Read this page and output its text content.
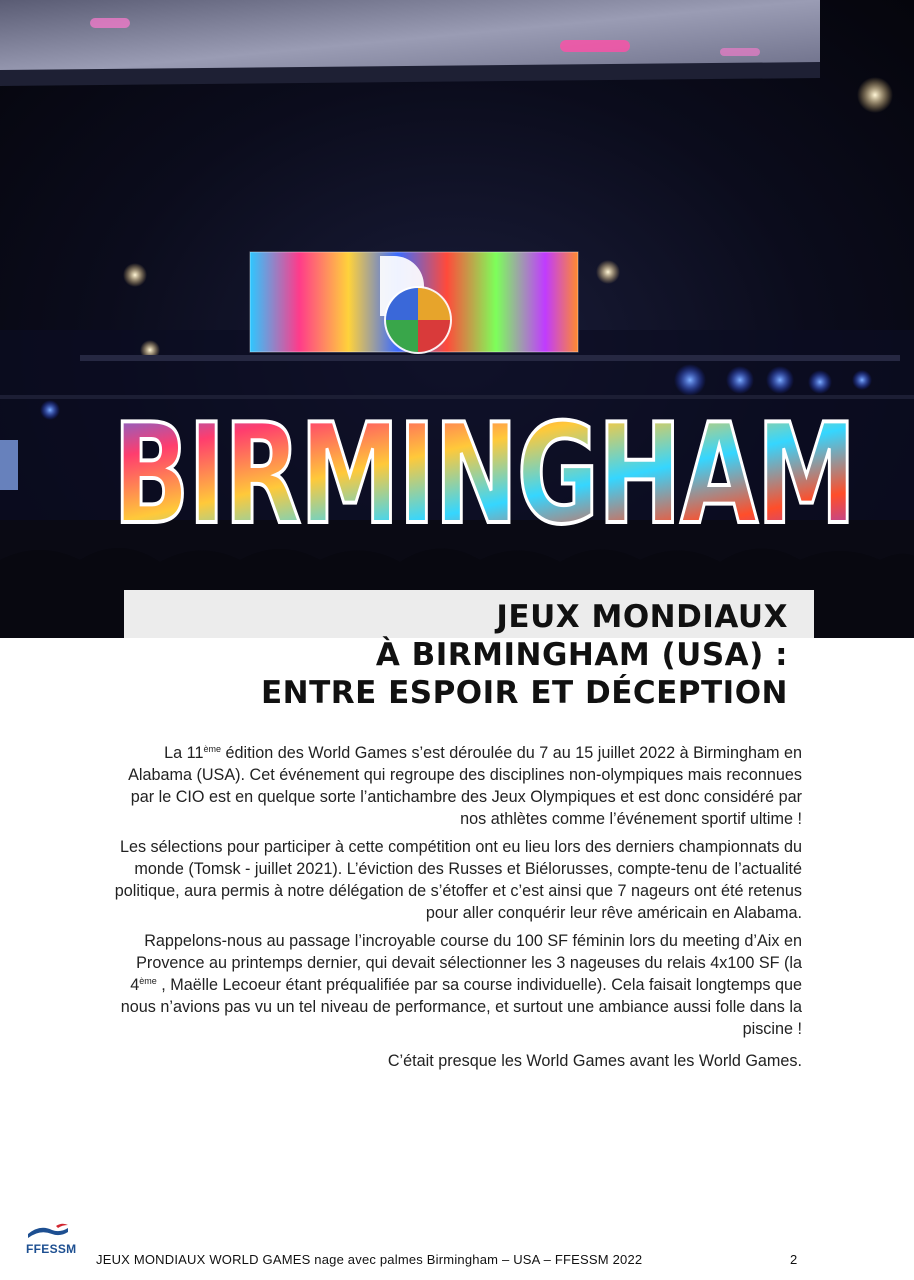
BIRMINGHAM
JEUX MONDIAUX
À BIRMINGHAM (USA) :
ENTRE ESPOIR ET DÉCEPTION

La 11ème édition des World Games s’est déroulée du 7 au 15 juillet 2022 à Birmingham en Alabama (USA). Cet événement qui regroupe des disciplines non-olympiques mais reconnues par le CIO est en quelque sorte l’antichambre des Jeux Olympiques et est donc considéré par nos athlètes comme l’événement sportif ultime !

Les sélections pour participer à cette compétition ont eu lieu lors des derniers championnats du monde (Tomsk - juillet 2021). L’éviction des Russes et Biélorusses, compte-tenu de l’actualité politique, aura permis à notre délégation de s’étoffer et c’est ainsi que 7 nageurs ont été retenus pour aller conquérir leur rêve américain en Alabama.

Rappelons-nous au passage l’incroyable course du 100 SF féminin lors du meeting d’Aix en Provence au printemps dernier, qui devait sélectionner les 3 nageuses du relais 4x100 SF (la 4ème , Maëlle Lecoeur étant préqualifiée par sa course individuelle). Cela faisait longtemps que nous n’avions pas vu un tel niveau de performance, et surtout une ambiance aussi folle dans la piscine !

C’était presque les World Games avant les World Games.

FFESSM
JEUX MONDIAUX WORLD GAMES nage avec palmes Birmingham – USA – FFESSM 2022	2
